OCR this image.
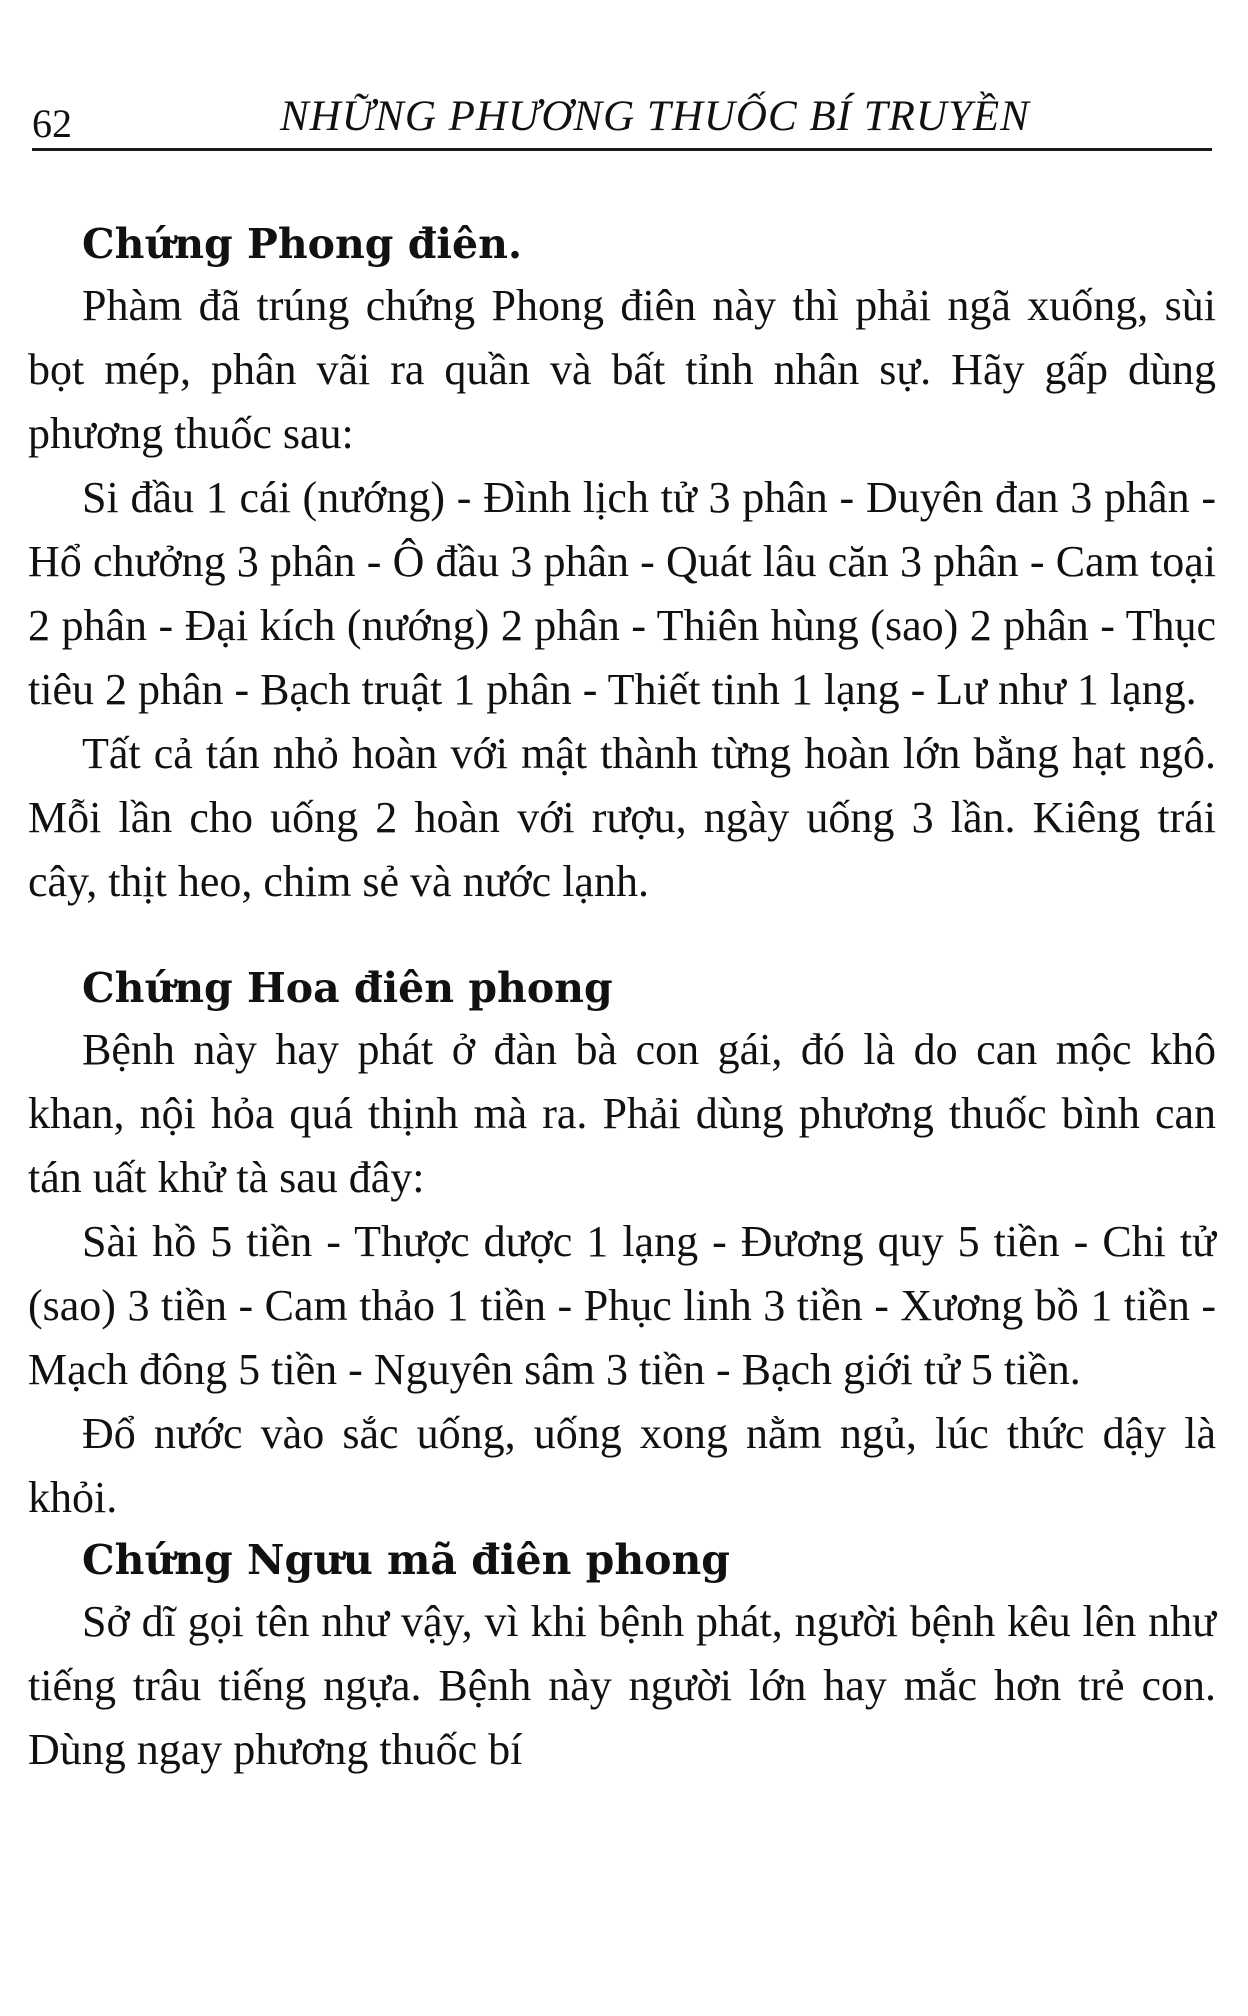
62	NHỮNG PHƯƠNG THUỐC BÍ TRUYỀN
Chứng Phong điên.

Phàm đã trúng chứng Phong điên này thì phải ngã xuống, sùi bọt mép, phân vãi ra quần và bất tỉnh nhân sự. Hãy gấp dùng phương thuốc sau:

Si đầu 1 cái (nướng) - Đình lịch tử 3 phân - Duyên đan 3 phân - Hổ chưởng 3 phân - Ô đầu 3 phân - Quát lâu căn 3 phân - Cam toại 2 phân - Đại kích (nướng) 2 phân - Thiên hùng (sao) 2 phân - Thục tiêu 2 phân - Bạch truật 1 phân - Thiết tinh 1 lạng - Lư như 1 lạng.

Tất cả tán nhỏ hoàn với mật thành từng hoàn lớn bằng hạt ngô. Mỗi lần cho uống 2 hoàn với rượu, ngày uống 3 lần. Kiêng trái cây, thịt heo, chim sẻ và nước lạnh.

Chứng Hoa điên phong

Bệnh này hay phát ở đàn bà con gái, đó là do can mộc khô khan, nội hỏa quá thịnh mà ra. Phải dùng phương thuốc bình can tán uất khử tà sau đây:

Sài hồ 5 tiền - Thược dược 1 lạng - Đương quy 5 tiền - Chi tử (sao) 3 tiền - Cam thảo 1 tiền - Phục linh 3 tiền - Xương bồ 1 tiền - Mạch đông 5 tiền - Nguyên sâm 3 tiền - Bạch giới tử 5 tiền.

Đổ nước vào sắc uống, uống xong nằm ngủ, lúc thức dậy là khỏi.

Chứng Ngưu mã điên phong

Sở dĩ gọi tên như vậy, vì khi bệnh phát, người bệnh kêu lên như tiếng trâu tiếng ngựa. Bệnh này người lớn hay mắc hơn trẻ con. Dùng ngay phương thuốc bí
